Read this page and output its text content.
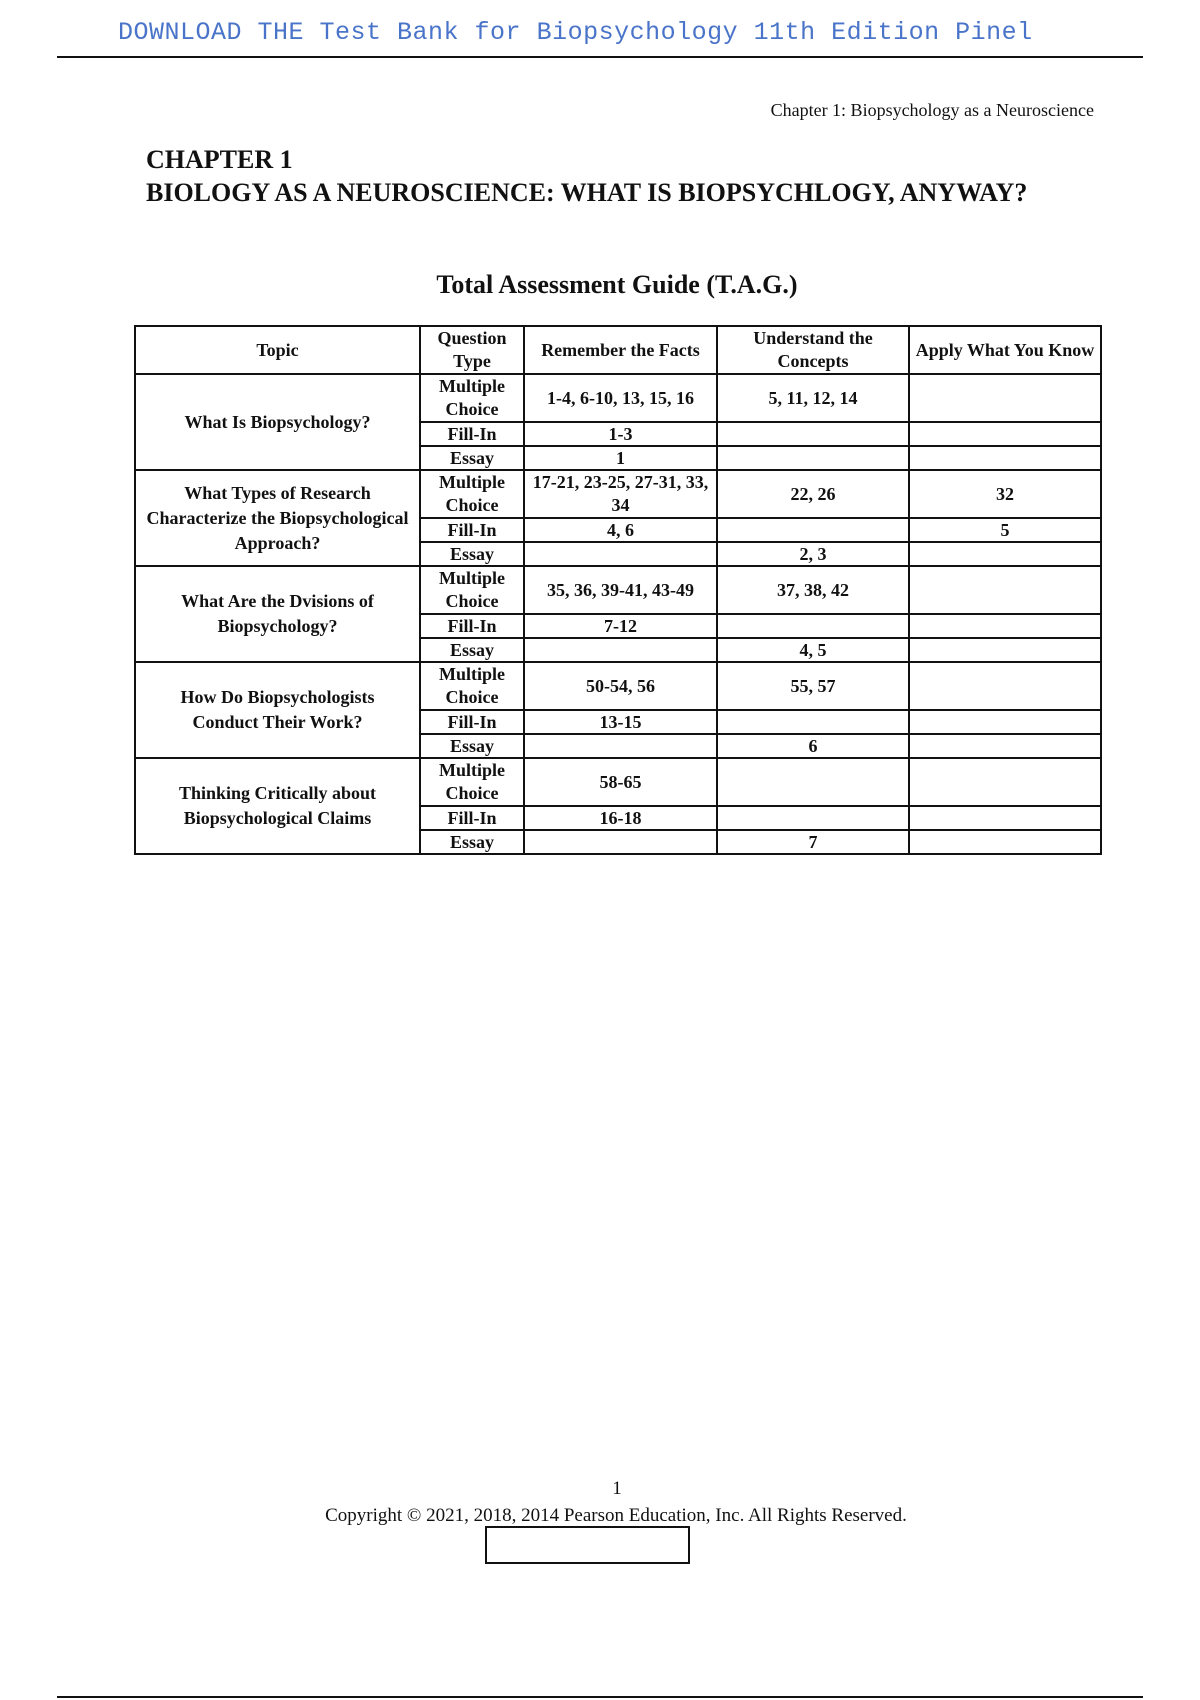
DOWNLOAD THE Test Bank for Biopsychology 11th Edition Pinel

Chapter 1: Biopsychology as a Neuroscience

CHAPTER 1
BIOLOGY AS A NEUROSCIENCE: WHAT IS BIOPSYCHLOGY, ANYWAY?
Total Assessment Guide (T.A.G.)
Topic	Question Type	Remember the Facts	Understand the Concepts	Apply What You Know
What Is Biopsychology?	Multiple Choice	1-4, 6-10, 13, 15, 16	5, 11, 12, 14	
	Fill-In	1-3		
	Essay	1		
What Types of Research Characterize the Biopsychological Approach?	Multiple Choice	17-21, 23-25, 27-31, 33, 34	22, 26	32
	Fill-In	4, 6		5
	Essay		2, 3	
What Are the Dvisions of Biopsychology?	Multiple Choice	35, 36, 39-41, 43-49	37, 38, 42	
	Fill-In	7-12		
	Essay		4, 5	
How Do Biopsychologists Conduct Their Work?	Multiple Choice	50-54, 56	55, 57	
	Fill-In	13-15		
	Essay		6	
Thinking Critically about Biopsychological Claims	Multiple Choice	58-65		
	Fill-In	16-18		
	Essay		7	

1

Copyright © 2021, 2018, 2014 Pearson Education, Inc. All Rights Reserved.
